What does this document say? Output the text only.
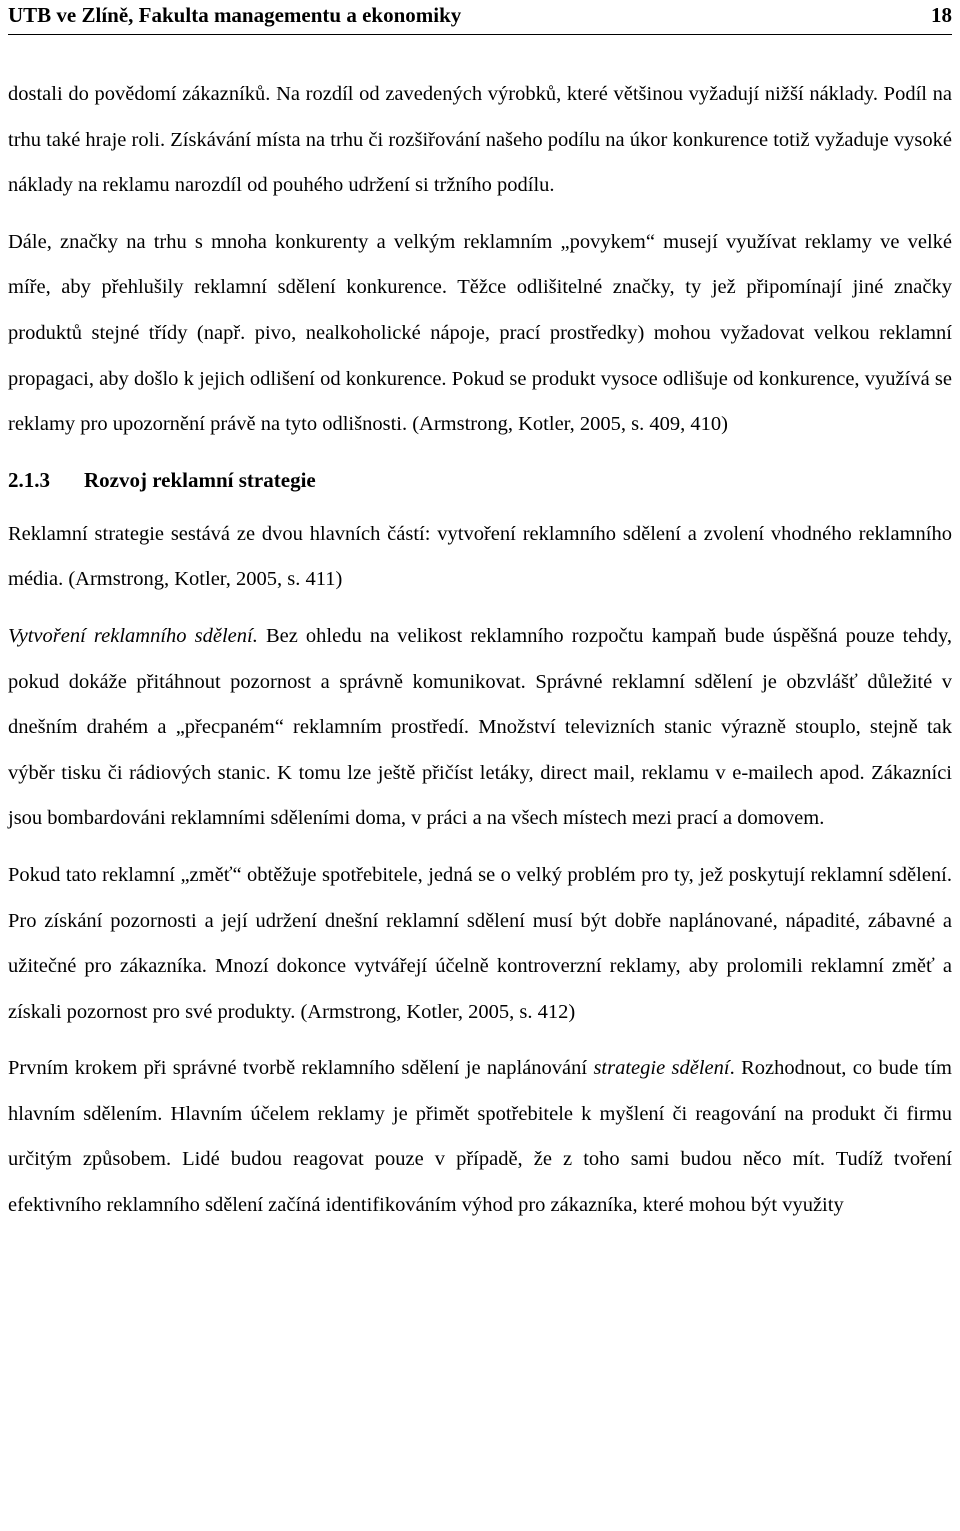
UTB ve Zlíně, Fakulta managementu a ekonomiky	18

dostali do povědomí zákazníků. Na rozdíl od zavedených výrobků, které většinou vyžadují nižší náklady. Podíl na trhu také hraje roli. Získávání místa na trhu či rozšiřování našeho podílu na úkor konkurence totiž vyžaduje vysoké náklady na reklamu narozdíl od pouhého udržení si tržního podílu.

Dále, značky na trhu s mnoha konkurenty a velkým reklamním „povykem“ musejí využívat reklamy ve velké míře, aby přehlušily reklamní sdělení konkurence. Těžce odlišitelné značky, ty jež připomínají jiné značky produktů stejné třídy (např. pivo, nealkoholické nápoje, prací prostředky) mohou vyžadovat velkou reklamní propagaci, aby došlo k jejich odlišení od konkurence. Pokud se produkt vysoce odlišuje od konkurence, využívá se reklamy pro upozornění právě na tyto odlišnosti. (Armstrong, Kotler, 2005, s. 409, 410)

2.1.3 Rozvoj reklamní strategie

Reklamní strategie sestává ze dvou hlavních částí: vytvoření reklamního sdělení a zvolení vhodného reklamního média. (Armstrong, Kotler, 2005, s. 411)

Vytvoření reklamního sdělení. Bez ohledu na velikost reklamního rozpočtu kampaň bude úspěšná pouze tehdy, pokud dokáže přitáhnout pozornost a správně komunikovat. Správné reklamní sdělení je obzvlášť důležité v dnešním drahém a „přecpaném“ reklamním prostředí. Množství televizních stanic výrazně stouplo, stejně tak výběr tisku či rádiových stanic. K tomu lze ještě přičíst letáky, direct mail, reklamu v e-mailech apod. Zákazníci jsou bombardováni reklamními sděleními doma, v práci a na všech místech mezi prací a domovem.

Pokud tato reklamní „změť“ obtěžuje spotřebitele, jedná se o velký problém pro ty, jež poskytují reklamní sdělení. Pro získání pozornosti a její udržení dnešní reklamní sdělení musí být dobře naplánované, nápadité, zábavné a užitečné pro zákazníka. Mnozí dokonce vytvářejí účelně kontroverzní reklamy, aby prolomili reklamní změť a získali pozornost pro své produkty. (Armstrong, Kotler, 2005, s. 412)

Prvním krokem při správné tvorbě reklamního sdělení je naplánování strategie sdělení. Rozhodnout, co bude tím hlavním sdělením. Hlavním účelem reklamy je přimět spotřebitele k myšlení či reagování na produkt či firmu určitým způsobem. Lidé budou reagovat pouze v případě, že z toho sami budou něco mít. Tudíž tvoření efektivního reklamního sdělení začíná identifikováním výhod pro zákazníka, které mohou být využity
